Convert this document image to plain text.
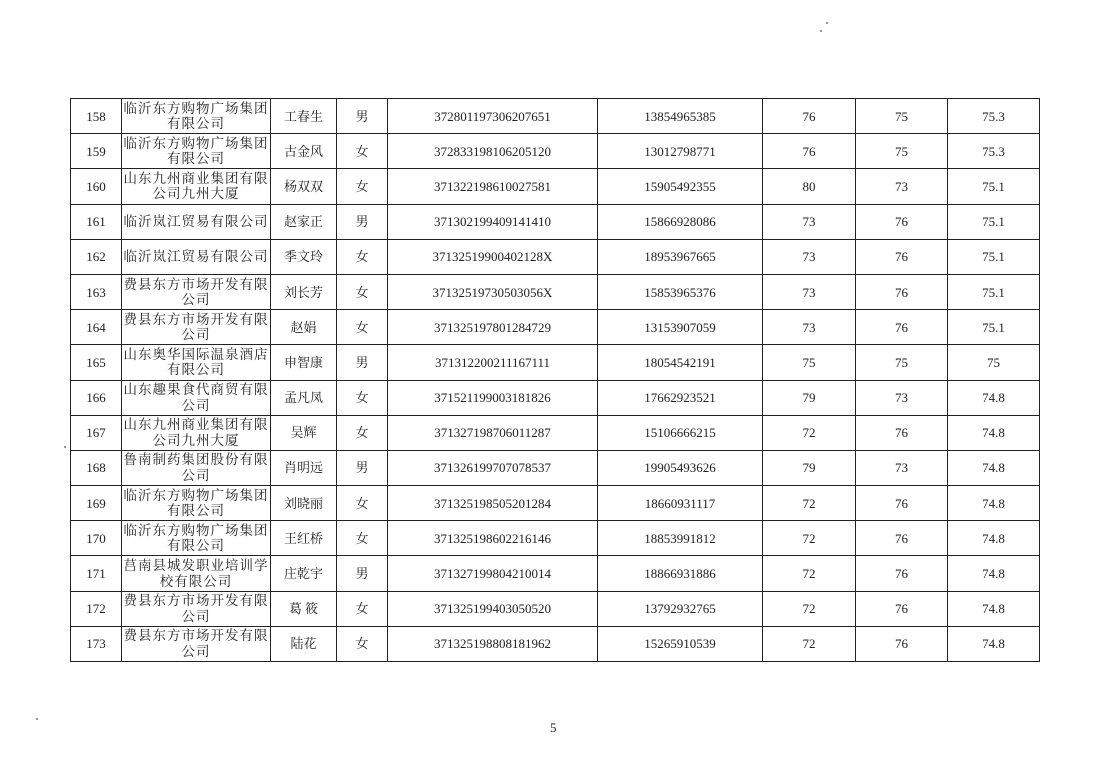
158	临沂东方购物广场集团有限公司	工春生	男	372801197306207651	13854965385	76	75	75.3
159	临沂东方购物广场集团有限公司	古金风	女	372833198106205120	13012798771	76	75	75.3
160	山东九州商业集团有限公司九州大厦	杨双双	女	371322198610027581	15905492355	80	73	75.1
161	临沂岚江贸易有限公司	赵家正	男	371302199409141410	15866928086	73	76	75.1
162	临沂岚江贸易有限公司	季文玲	女	37132519900402128X	18953967665	73	76	75.1
163	费县东方市场开发有限公司	刘长芳	女	37132519730503056X	15853965376	73	76	75.1
164	费县东方市场开发有限公司	赵娟	女	371325197801284729	13153907059	73	76	75.1
165	山东奥华国际温泉酒店有限公司	申智康	男	371312200211167111	18054542191	75	75	75
166	山东趣果食代商贸有限公司	孟凡凤	女	371521199003181826	17662923521	79	73	74.8
167	山东九州商业集团有限公司九州大厦	吴辉	女	371327198706011287	15106666215	72	76	74.8
168	鲁南制药集团股份有限公司	肖明远	男	371326199707078537	19905493626	79	73	74.8
169	临沂东方购物广场集团有限公司	刘晓丽	女	371325198505201284	18660931117	72	76	74.8
170	临沂东方购物广场集团有限公司	王红桥	女	371325198602216146	18853991812	72	76	74.8
171	莒南县城发职业培训学校有限公司	庄乾宇	男	371327199804210014	18866931886	72	76	74.8
172	费县东方市场开发有限公司	葛 筱	女	371325199403050520	13792932765	72	76	74.8
173	费县东方市场开发有限公司	陆花	女	371325198808181962	15265910539	72	76	74.8
5
